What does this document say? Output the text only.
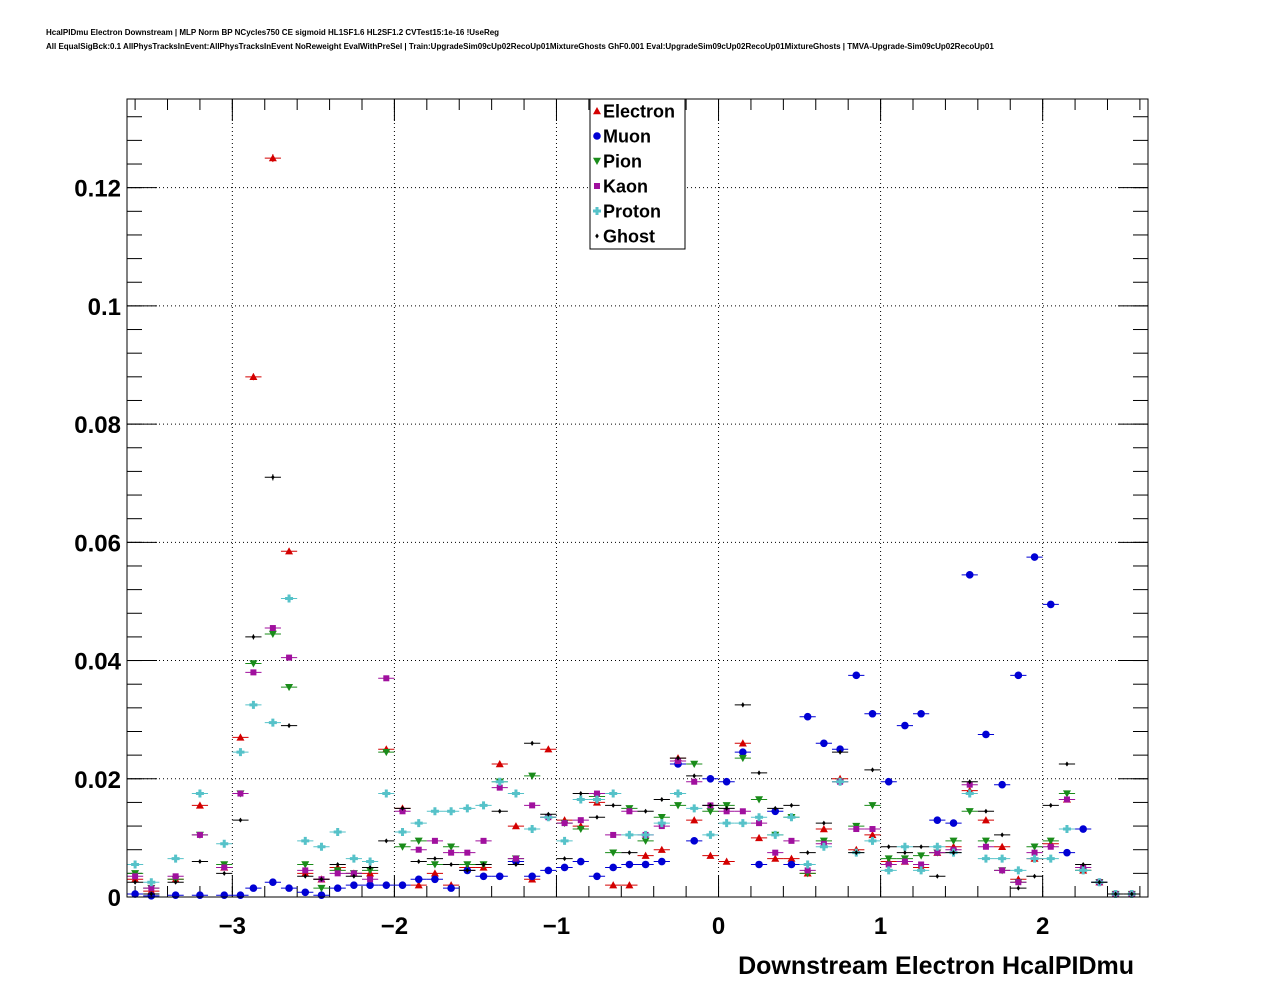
HcalPIDmu Electron Downstream | MLP Norm BP NCycles750 CE sigmoid HL1SF1.6 HL2SF1.2 CVTest15:1e-16 !UseReg
All EqualSigBck:0.1 AllPhysTracksInEvent:AllPhysTracksInEvent NoReweight EvalWithPreSel | Train:UpgradeSim09cUp02RecoUp01MixtureGhosts GhF0.001 Eval:UpgradeSim09cUp02RecoUp01MixtureGhosts | TMVA-Upgrade-Sim09cUp02RecoUp01
−3	−2	−1	0	1	2
0
0.02
0.04
0.06
0.08
0.1
0.12
Downstream Electron HcalPIDmu
Electron
Muon
Pion
Kaon
Proton
Ghost
